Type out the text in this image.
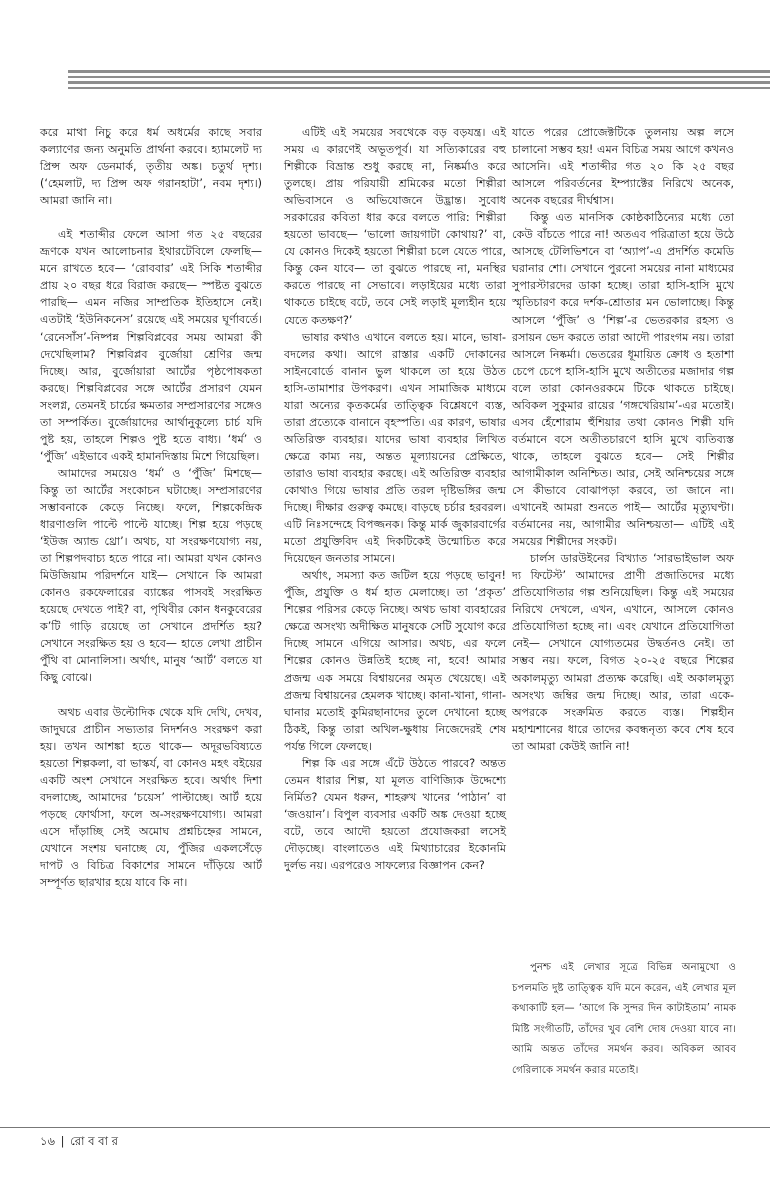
করে মাথা নিচু করে ধর্ম অধর্মের কাছে সবার কল্যাণের জন্য অনুমতি প্রার্থনা করবে। হ্যামলেট দ্য প্রিন্স অফ ডেনমার্ক, তৃতীয় অঙ্ক। চতুর্থ দৃশ্য। (‘হেমলাট, দ্য প্রিন্স অফ গরানহাটা’, নবম দৃশ্য।) আমরা জানি না।

এই শতাব্দীর ফেলে আসা গত ২৫ বছরের ভ্রূণকে যখন আলোচনার ইথারটেবিলে ফেলছি— মনে রাখতে হবে— ‘রোববার’ এই সিকি শতাব্দীর প্রায় ২০ বছর ধরে বিরাজ করছে— স্পষ্টত বুঝতে পারছি— এমন নজির সাম্প্রতিক ইতিহাসে নেই। এতটাই ‘ইউনিকনেস’ রয়েছে এই সময়ের ঘূর্ণাবর্তে। ‘রেনেসাঁস’-নিষ্পন্ন শিল্পবিপ্লবের সময় আমরা কী দেখেছিলাম? শিল্পবিপ্লব বুর্জোয়া শ্রেণির জন্ম দিচ্ছে। আর, বুর্জোয়ারা আর্টের পৃষ্ঠপোষকতা করছে। শিল্পবিপ্লবের সঙ্গে আর্টের প্রসারণ যেমন সংলগ্ন, তেমনই চার্চের ক্ষমতার সম্প্রসারণের সঙ্গেও তা সম্পর্কিত। বুর্জোয়াদের আর্থানুকূল্যে চার্চ যদি পুষ্ট হয়, তাহলে শিল্পও পুষ্ট হতে বাধ্য। ‘ধর্ম’ ও ‘পুঁজি’ এইভাবে একই হামানদিস্তায় মিশে গিয়েছিল।

আমাদের সময়েও ‘ধর্ম’ ও ‘পুঁজি’ মিশছে— কিন্তু তা আর্টের সংকোচন ঘটাচ্ছে। সম্প্রসারণের সম্ভাবনাকে কেড়ে নিচ্ছে। ফলে, শিল্পকেন্দ্রিক ধারণাগুলি পাল্টে পাল্টে যাচ্ছে। শিল্প হয়ে পড়ছে ‘ইউজ অ্যান্ড থ্রো’। অথচ, যা সংরক্ষণযোগ্য নয়, তা শিল্পপদবাচ্য হতে পারে না। আমরা যখন কোনও মিউজিয়াম পরিদর্শনে যাই— সেখানে কি আমরা কোনও রকফেলারের ব্যাঙ্কের পাসবই সংরক্ষিত হয়েছে দেখতে পাই? বা, পৃথিবীর কোন ধনকুবেরের ক’টি গাড়ি রয়েছে তা সেখানে প্রদর্শিত হয়? সেখানে সংরক্ষিত হয় ও হবে— হাতে লেখা প্রাচীন পুঁথি বা মোনালিসা। অর্থাৎ, মানুষ ‘আর্ট’ বলতে যা কিছু বোঝে।

অথচ এবার উল্টোদিক থেকে যদি দেখি, দেখব, জাদুঘরে প্রাচীন সভ্যতার নিদর্শনও সংরক্ষণ করা হয়। তখন আশঙ্কা হতে থাকে— অদূরভবিষ্যতে হয়তো শিল্পকলা, বা ভাস্কর্য, বা কোনও মহৎ বইয়ের একটি অংশ সেখানে সংরক্ষিত হবে। অর্থাৎ দিশা বদলাচ্ছে, আমাদের ‘চয়েস’ পাল্টাচ্ছে। আর্ট হয়ে পড়ছে ফোর্থাসা, ফলে অ-সংরক্ষণযোগ্য। আমরা এসে দাঁড়াচ্ছি সেই অমোঘ প্রশ্নচিহ্নের সামনে, যেখানে সংশয় ঘনাচ্ছে যে, পুঁজির একলসেঁড়ে দাপট ও বিচিত্র বিকাশের সামনে দাঁড়িয়ে আর্ট সম্পূর্ণত ছারখার হয়ে যাবে কি না।

এটিই এই সময়ের সবথেকে বড় বড়যন্ত্র। এই সময় এ কারণেই অভূতপূর্ব। যা সত্যিকারের বহু শিল্পীকে বিভ্রান্ত শুধু করছে না, নিষ্কর্মাও করে তুলছে। প্রায় পরিযায়ী শ্রমিকের মতো শিল্পীরা অভিবাসনে ও অভিযোজনে উদ্ভ্রান্ত। সুবোধ সরকারের কবিতা ধার করে বলতে পারি: শিল্পীরা হয়তো ভাবছে— ‘ভালো জায়গাটা কোথায়?’ বা, যে কোনও দিকেই হয়তো শিল্পীরা চলে যেতে পারে, কিন্তু কেন যাবে— তা বুঝতে পারছে না, মনস্থির করতে পারছে না সেভাবে। লড়াইয়ের মধ্যে তারা থাকতে চাইছে বটে, তবে সেই লড়াই মূল্যহীন হয়ে যেতে কতক্ষণ?’

ভাষার কথাও এখানে বলতে হয়। মানে, ভাষা-বদলের কথা। আগে রাস্তার একটি দোকানের সাইনবোর্ডে বানান ভুল থাকলে তা হয়ে উঠত হাসি-তামাশার উপকরণ। এখন সামাজিক মাধ্যমে যারা অন্যের কৃতকর্মের তাত্ত্বিক বিশ্লেষণে ব্যস্ত, তারা প্রত্যেকে বানানে বৃহস্পতি। এর কারণ, ভাষার অতিরিক্ত ব্যবহার। যাদের ভাষা ব্যবহার লিখিত ক্ষেত্রে কাম্য নয়, অন্তত মূল্যায়নের প্রেক্ষিতে, তারাও ভাষা ব্যবহার করছে। এই অতিরিক্ত ব্যবহার কোথাও গিয়ে ভাষার প্রতি তরল দৃষ্টিভঙ্গির জন্ম দিচ্ছে। দীক্ষার গুরুত্ব কমছে। বাড়ছে চর্চার হরবরল। এটি নিঃসন্দেহে বিপজ্জনক। কিন্তু মার্ক জুকারবার্গের মতো প্রযুক্তিবিদ এই দিকটিকেই উন্মোচিত করে দিয়েছেন জনতার সামনে।

অর্থাৎ, সমস্যা কত জটিল হয়ে পড়ছে ভাবুন! পুঁজি, প্রযুক্তি ও ধর্ম হাত মেলাচ্ছে। তা ‘প্রকৃত’ শিল্পের পরিসর কেড়ে নিচ্ছে। অথচ ভাষা ব্যবহারের ক্ষেত্রে অসংখ্য অদীক্ষিত মানুষকে সেটি সুযোগ করে দিচ্ছে সামনে এগিয়ে আসার। অথচ, এর ফলে শিল্পের কোনও উন্নতিই হচ্ছে না, হবে! আমার প্রজন্ম এক সময়ে বিশ্বায়নের অমৃত খেয়েছে। এই প্রজন্ম বিশ্বায়নের হেমলক খাচ্ছে। কানা-খানা, গানা-ঘানার মতোই কুমিরছানাদের তুলে দেখানো হচ্ছে ঠিকই, কিন্তু তারা অখিল-ক্ষুধায় নিজেদেরই শেষ পর্যন্ত গিলে ফেলছে।

শিল্প কি এর সঙ্গে এঁটে উঠতে পারবে? অন্তত তেমন ধারার শিল্প, যা মূলত বাণিজ্যিক উদ্দেশ্যে নির্মিত? যেমন ধরুন, শাহরুখ খানের ‘পাঠান’ বা ‘জওয়ান’। বিপুল ব্যবসার একটি অঙ্ক দেওয়া হচ্ছে বটে, তবে আদৌ হয়তো প্রযোজকরা লসেই দৌড়চ্ছে। বাংলাতেও এই মিথ্যাচারের ইকোনমি দুর্লভ নয়। এরপরেও সাফল্যের বিজ্ঞাপন কেন?

যাতে পরের প্রোজেক্টটিকে তুলনায় অল্প লসে চালানো সম্ভব হয়! এমন বিচিত্র সময় আগে কখনও আসেনি। এই শতাব্দীর গত ২০ কি ২৫ বছর আসলে পরিবর্তনের ইম্প্যাক্টের নিরিখে অনেক, অনেক বছরের দীর্ঘশ্বাস।

কিন্তু এত মানসিক কোষ্ঠকাঠিন্যের মধ্যে তো কেউ বাঁচতে পারে না! অতএব পরিত্রাতা হয়ে উঠে আসছে টেলিভিশনে বা ‘অ্যাপ’-এ প্রদর্শিত কমেডি ঘরানার শো। সেখানে পুরনো সময়ের নানা মাধ্যমের সুপারস্টারদের ডাকা হচ্ছে। তারা হাসি-হাসি মুখে স্মৃতিচারণ করে দর্শক-শ্রোতার মন ভোলাচ্ছে। কিন্তু আসলে ‘পুঁজি’ ও ‘শিল্প’-র ভেতরকার রহস্য ও রসায়ন ভেদ করতে তারা আদৌ পারংগম নয়। তারা আসলে নিষ্কর্মা। ভেতরের ধূমায়িত ক্রোধ ও হতাশা চেপে চেপে হাসি-হাসি মুখে অতীতের মজাদার গল্প বলে তারা কোনওরকমে টিকে থাকতে চাইছে। অবিকল সুকুমার রায়ের ‘গঙ্গখেরিয়াম’-এর মতোই। এসব হেঁশোরাম হুঁশিয়ার তথা কোনও শিল্পী যদি বর্তমানে বসে অতীতচারণে হাসি মুখে ব্যতিব্যস্ত থাকে, তাহলে বুঝতে হবে— সেই শিল্পীর আগামীকাল অনিশ্চিত। আর, সেই অনিশ্চয়ের সঙ্গে সে কীভাবে বোঝাপড়া করবে, তা জানে না। এখানেই আমরা শুনতে পাই— আর্টের মৃত্যুঘণ্টা। বর্তমানের নয়, আগামীর অনিশ্চয়তা— এটিই এই সময়ের শিল্পীদের সংকট।

চার্লস ডারউইনের বিখ্যাত ‘সারভাইভাল অফ দ্য ফিটেস্ট’ আমাদের প্রাণী প্রজাতিদের মধ্যে প্রতিযোগিতার গল্প শুনিয়েছিল। কিন্তু এই সময়ের নিরিখে দেখলে, এখন, এখানে, আসলে কোনও প্রতিযোগিতা হচ্ছে না। এবং যেখানে প্রতিযোগিতা নেই— সেখানে যোগ্যতমের উদ্বর্তনও নেই। তা সম্ভব নয়। ফলে, বিগত ২০-২৫ বছরে শিল্পের অকালমৃত্যু আমরা প্রত্যক্ষ করেছি। এই অকালমৃত্যু অসংখ্য জম্বির জন্ম দিচ্ছে। আর, তারা একে-অপরকে সংক্রমিত করতে ব্যস্ত। শিল্পহীন মহাশ্মশানের ধারে তাদের কবন্ধনৃত্য কবে শেষ হবে তা আমরা কেউই জানি না!

পুনশ্চ এই লেখার সূত্রে বিভিন্ন অনামুখো ও চপলমতি দুষ্ট তাত্ত্বিক যদি মনে করেন, এই লেখার মূল কথাকাটি হল— ‘আগে কি সুন্দর দিন কাটাইতাম’ নামক মিষ্টি সংগীতটি, তাঁদের খুব বেশি দোষ দেওয়া যাবে না। আমি অন্তত তাঁদের সমর্থন করব। অবিকল আবব গেরিলাকে সমর্থন করার মতোই।

১৬ | রো ব বা র
